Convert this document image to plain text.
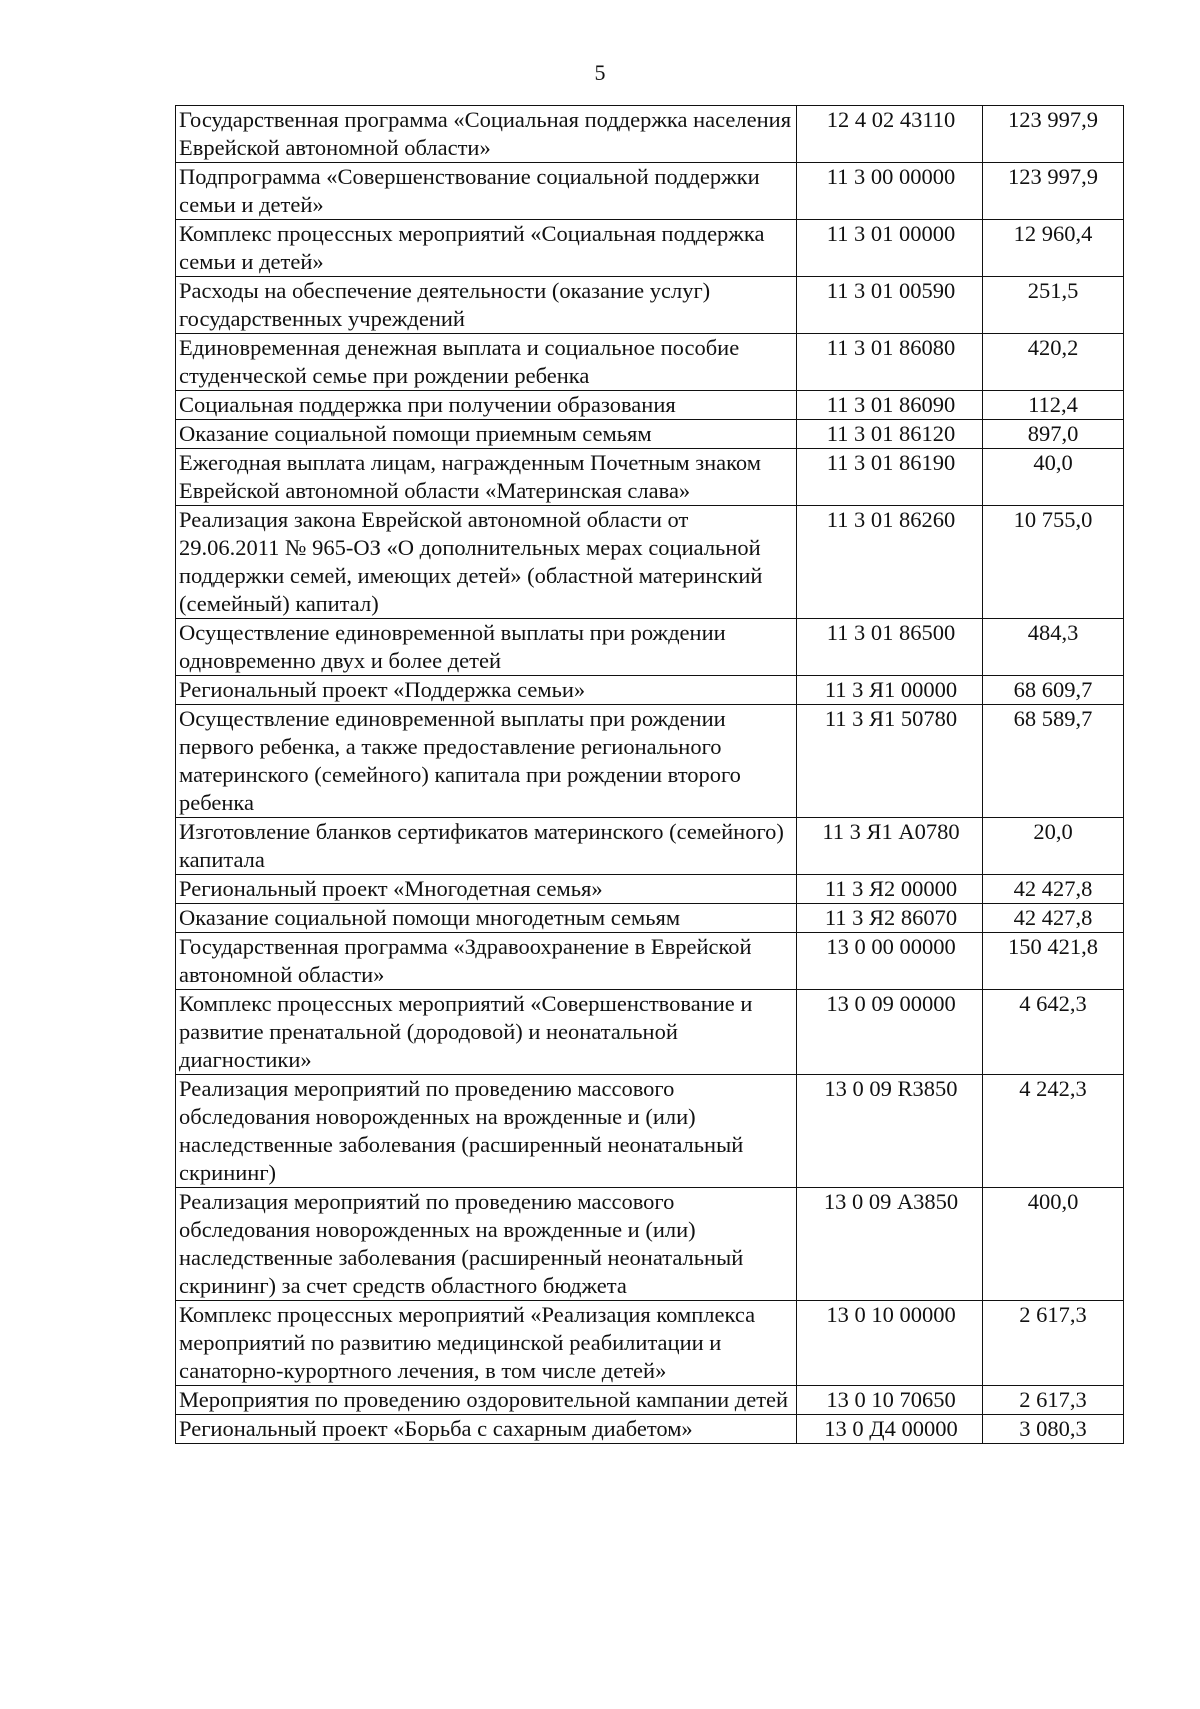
5
Государственная программа «Социальная поддержка населения Еврейской автономной области»	12 4 02 43110	123 997,9
Подпрограмма «Совершенствование социальной поддержки семьи и детей»	11 3 00 00000	123 997,9
Комплекс процессных мероприятий «Социальная поддержка семьи и детей»	11 3 01 00000	12 960,4
Расходы на обеспечение деятельности (оказание услуг) государственных учреждений	11 3 01 00590	251,5
Единовременная денежная выплата и социальное пособие студенческой семье при рождении ребенка	11 3 01 86080	420,2
Социальная поддержка при получении образования	11 3 01 86090	112,4
Оказание социальной помощи приемным семьям	11 3 01 86120	897,0
Ежегодная выплата лицам, награжденным Почетным знаком Еврейской автономной области «Материнская слава»	11 3 01 86190	40,0
Реализация закона Еврейской автономной области от 29.06.2011 № 965-ОЗ «О дополнительных мерах социальной поддержки семей, имеющих детей» (областной материнский (семейный) капитал)	11 3 01 86260	10 755,0
Осуществление единовременной выплаты при рождении одновременно двух и более детей	11 3 01 86500	484,3
Региональный проект «Поддержка семьи»	11 3 Я1 00000	68 609,7
Осуществление единовременной выплаты при рождении первого ребенка, а также предоставление регионального материнского (семейного) капитала при рождении второго ребенка	11 3 Я1 50780	68 589,7
Изготовление бланков сертификатов материнского (семейного) капитала	11 3 Я1 А0780	20,0
Региональный проект «Многодетная семья»	11 3 Я2 00000	42 427,8
Оказание социальной помощи многодетным семьям	11 3 Я2 86070	42 427,8
Государственная программа «Здравоохранение в Еврейской автономной области»	13 0 00 00000	150 421,8
Комплекс процессных мероприятий «Совершенствование и развитие пренатальной (дородовой) и неонатальной диагностики»	13 0 09 00000	4 642,3
Реализация мероприятий по проведению массового обследования новорожденных на врожденные и (или) наследственные заболевания (расширенный неонатальный скрининг)	13 0 09 R3850	4 242,3
Реализация мероприятий по проведению массового обследования новорожденных на врожденные и (или) наследственные заболевания (расширенный неонатальный скрининг) за счет средств областного бюджета	13 0 09 А3850	400,0
Комплекс процессных мероприятий «Реализация комплекса мероприятий по развитию медицинской реабилитации и санаторно-курортного лечения, в том числе детей»	13 0 10 00000	2 617,3
Мероприятия по проведению оздоровительной кампании детей	13 0 10 70650	2 617,3
Региональный проект «Борьба с сахарным диабетом»	13 0 Д4 00000	3 080,3
